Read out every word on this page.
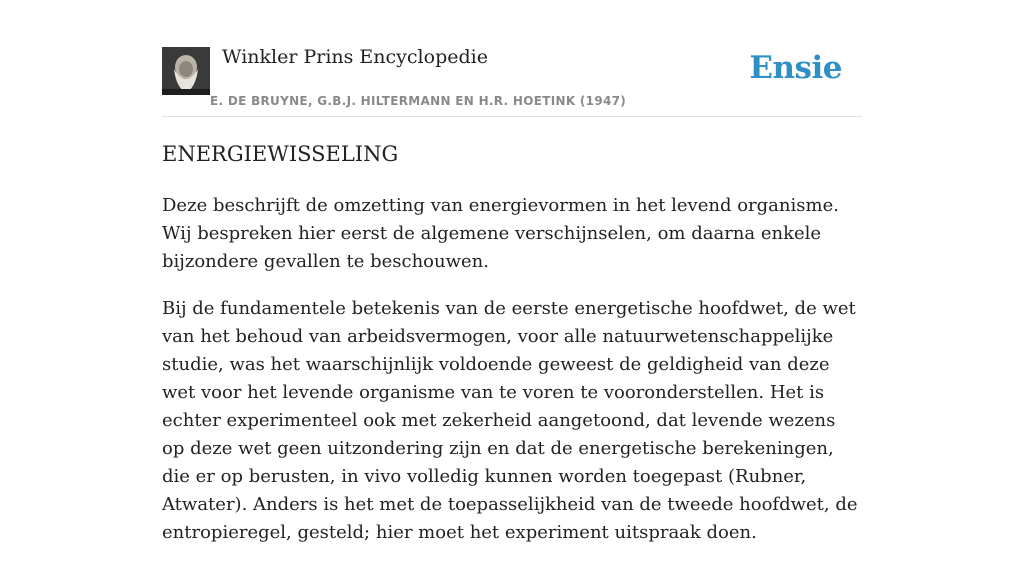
Winkler Prins Encyclopedie
E. DE BRUYNE, G.B.J. HILTERMANN EN H.R. HOETINK (1947)
Ensie
ENERGIEWISSELING

Deze beschrijft de omzetting van energievormen in het levend organisme. Wij bespreken hier eerst de algemene verschijnselen, om daarna enkele bijzondere gevallen te beschouwen.

Bij de fundamentele betekenis van de eerste energetische hoofdwet, de wet van het behoud van arbeidsvermogen, voor alle natuurwetenschappelijke studie, was het waarschijnlijk voldoende geweest de geldigheid van deze wet voor het levende organisme van te voren te vooronderstellen. Het is echter experimenteel ook met zekerheid aangetoond, dat levende wezens op deze wet geen uitzondering zijn en dat de energetische berekeningen, die er op berusten, in vivo volledig kunnen worden toegepast (Rubner, Atwater). Anders is het met de toepasselijkheid van de tweede hoofdwet, de entropieregel, gesteld; hier moet het experiment uitspraak doen.
